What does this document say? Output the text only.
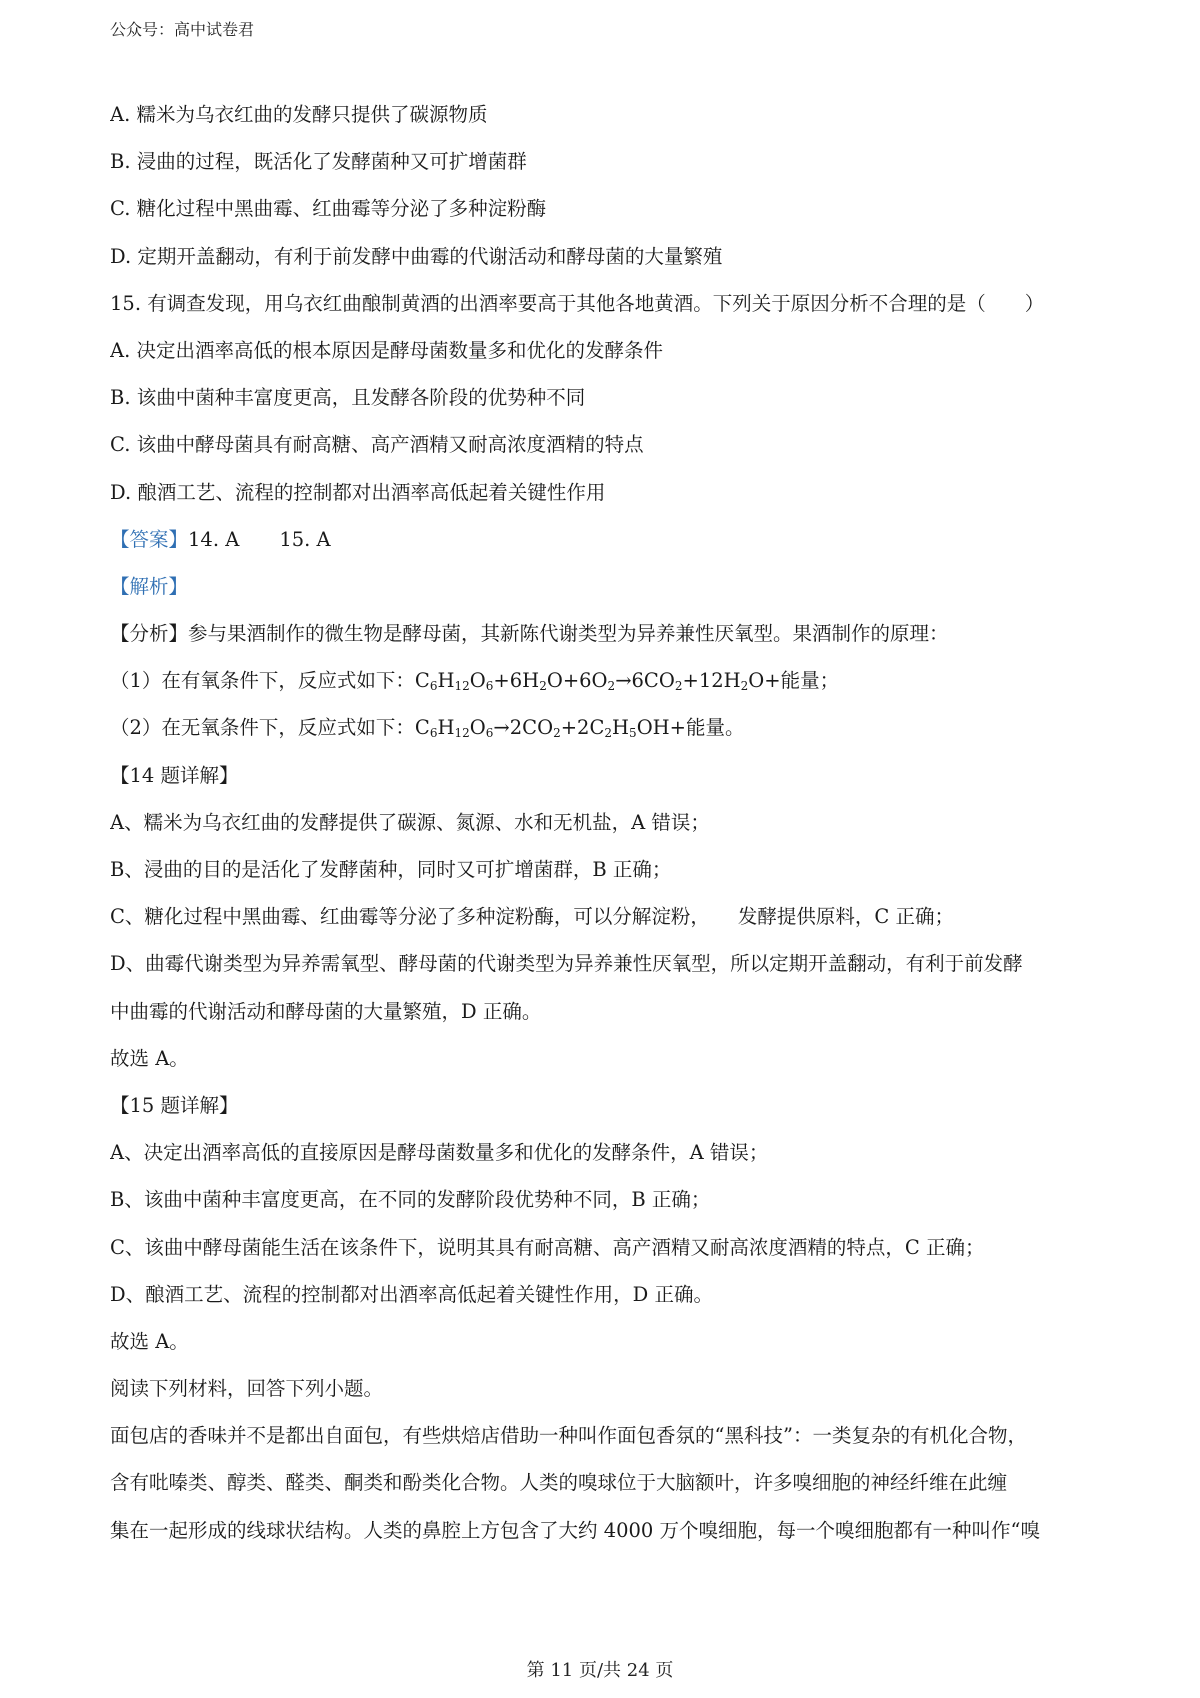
公众号：高中试卷君
A. 糯米为乌衣红曲的发酵只提供了碳源物质
B. 浸曲的过程，既活化了发酵菌种又可扩增菌群
C. 糖化过程中黑曲霉、红曲霉等分泌了多种淀粉酶
D. 定期开盖翻动，有利于前发酵中曲霉的代谢活动和酵母菌的大量繁殖
15. 有调查发现，用乌衣红曲酿制黄酒的出酒率要高于其他各地黄酒。下列关于原因分析不合理的是（　　）
A. 决定出酒率高低的根本原因是酵母菌数量多和优化的发酵条件
B. 该曲中菌种丰富度更高，且发酵各阶段的优势种不同
C. 该曲中酵母菌具有耐高糖、高产酒精又耐高浓度酒精的特点
D. 酿酒工艺、流程的控制都对出酒率高低起着关键性作用
【答案】14. A 15. A
【解析】
【分析】参与果酒制作的微生物是酵母菌，其新陈代谢类型为异养兼性厌氧型。果酒制作的原理：
（1）在有氧条件下，反应式如下：$C_6H_{12}O_6+6H_2O+6O_2\to 6CO_2+12H_2O+$能量；
（2）在无氧条件下，反应式如下：$C_6H_{12}O_6\to 2CO_2+2C_2H_5OH+$能量。
【14 题详解】
A、糯米为乌衣红曲的发酵提供了碳源、氮源、水和无机盐，A 错误；
B、浸曲的目的是活化了发酵菌种，同时又可扩增菌群，B 正确；
C、糖化过程中黑曲霉、红曲霉等分泌了多种淀粉酶，可以分解淀粉， 发酵提供原料，C 正确；
D、曲霉代谢类型为异养需氧型、酵母菌的代谢类型为异养兼性厌氧型，所以定期开盖翻动，有利于前发酵
中曲霉的代谢活动和酵母菌的大量繁殖，D 正确。
故选 A。
【15 题详解】
A、决定出酒率高低的直接原因是酵母菌数量多和优化的发酵条件，A 错误；
B、该曲中菌种丰富度更高，在不同的发酵阶段优势种不同，B 正确；
C、该曲中酵母菌能生活在该条件下，说明其具有耐高糖、高产酒精又耐高浓度酒精的特点，C 正确；
D、酿酒工艺、流程的控制都对出酒率高低起着关键性作用，D 正确。
故选 A。
阅读下列材料，回答下列小题。
面包店的香味并不是都出自面包，有些烘焙店借助一种叫作面包香氛的“黑科技”：一类复杂的有机化合物，
含有吡嗪类、醇类、醛类、酮类和酚类化合物。人类的嗅球位于大脑额叶，许多嗅细胞的神经纤维在此缠
集在一起形成的线球状结构。人类的鼻腔上方包含了大约 4000 万个嗅细胞，每一个嗅细胞都有一种叫作“嗅
第 11 页/共 24 页
